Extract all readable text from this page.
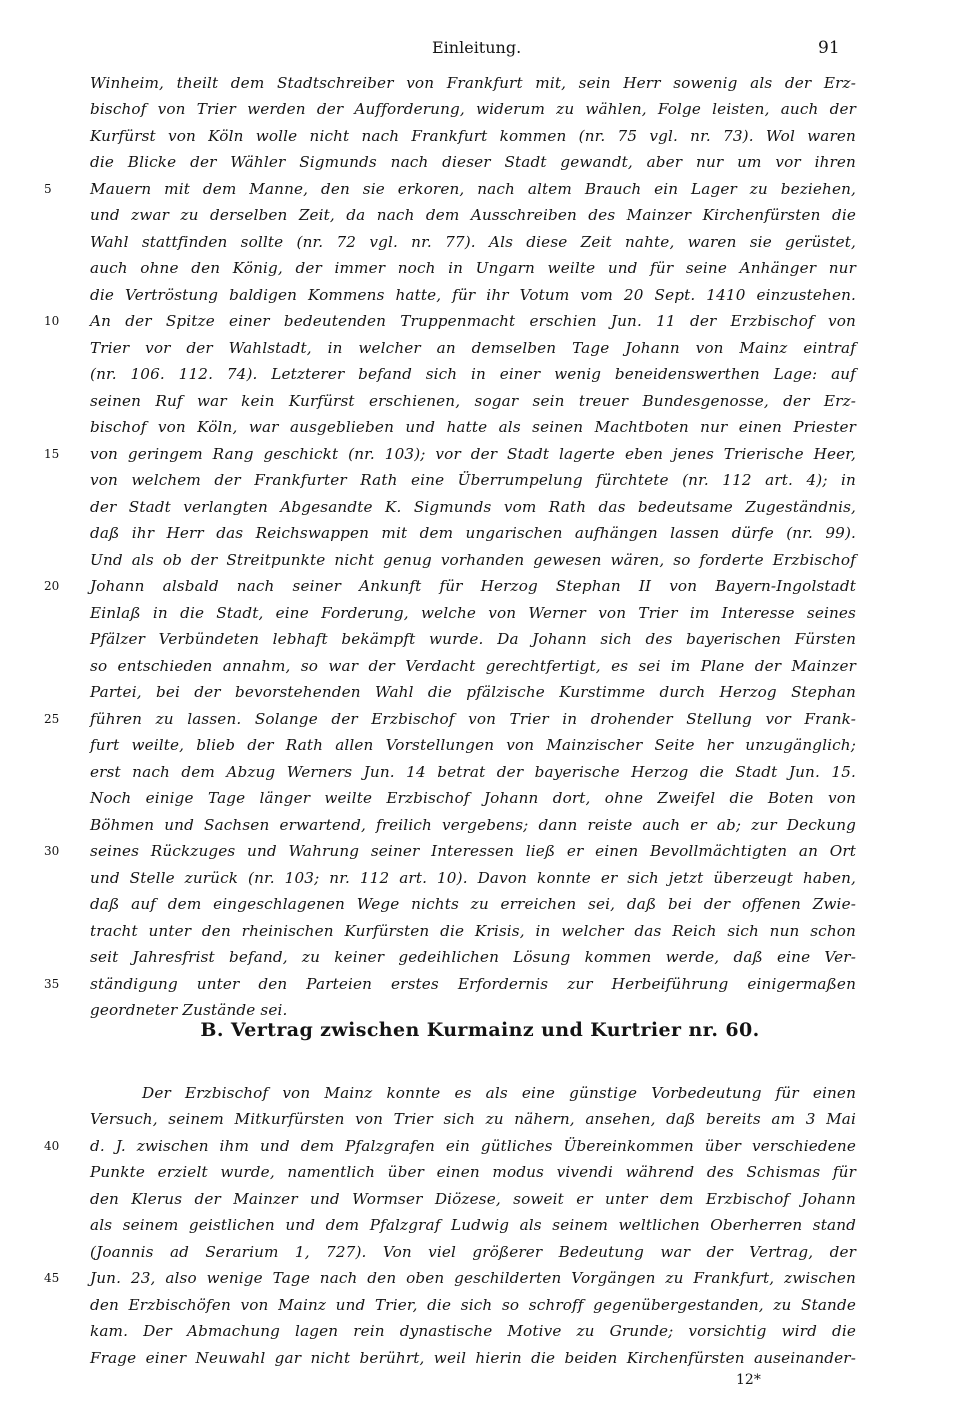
Einleitung.	91
Winheim, theilt dem Stadtschreiber von Frankfurt mit, sein Herr sowenig als der Erz-
bischof von Trier werden der Aufforderung, widerum zu wählen, Folge leisten, auch der
Kurfürst von Köln wolle nicht nach Frankfurt kommen (nr. 75 vgl. nr. 73). Wol waren
die Blicke der Wähler Sigmunds nach dieser Stadt gewandt, aber nur um vor ihren
Mauern mit dem Manne, den sie erkoren, nach altem Brauch ein Lager zu beziehen,
und zwar zu derselben Zeit, da nach dem Ausschreiben des Mainzer Kirchenfürsten die
Wahl stattfinden sollte (nr. 72 vgl. nr. 77). Als diese Zeit nahte, waren sie gerüstet,
auch ohne den König, der immer noch in Ungarn weilte und für seine Anhänger nur
die Vertröstung baldigen Kommens hatte, für ihr Votum vom 20 Sept. 1410 einzustehen.
An der Spitze einer bedeutenden Truppenmacht erschien Jun. 11 der Erzbischof von
Trier vor der Wahlstadt, in welcher an demselben Tage Johann von Mainz eintraf
(nr. 106. 112. 74). Letzterer befand sich in einer wenig beneidenswerthen Lage: auf
seinen Ruf war kein Kurfürst erschienen, sogar sein treuer Bundesgenosse, der Erz-
bischof von Köln, war ausgeblieben und hatte als seinen Machtboten nur einen Priester
von geringem Rang geschickt (nr. 103); vor der Stadt lagerte eben jenes Trierische Heer,
von welchem der Frankfurter Rath eine Überrumpelung fürchtete (nr. 112 art. 4); in
der Stadt verlangten Abgesandte K. Sigmunds vom Rath das bedeutsame Zugeständnis,
daß ihr Herr das Reichswappen mit dem ungarischen aufhängen lassen dürfe (nr. 99).
Und als ob der Streitpunkte nicht genug vorhanden gewesen wären, so forderte Erzbischof
Johann alsbald nach seiner Ankunft für Herzog Stephan II von Bayern-Ingolstadt
Einlaß in die Stadt, eine Forderung, welche von Werner von Trier im Interesse seines
Pfälzer Verbündeten lebhaft bekämpft wurde. Da Johann sich des bayerischen Fürsten
so entschieden annahm, so war der Verdacht gerechtfertigt, es sei im Plane der Mainzer
Partei, bei der bevorstehenden Wahl die pfälzische Kurstimme durch Herzog Stephan
führen zu lassen. Solange der Erzbischof von Trier in drohender Stellung vor Frank-
furt weilte, blieb der Rath allen Vorstellungen von Mainzischer Seite her unzugänglich;
erst nach dem Abzug Werners Jun. 14 betrat der bayerische Herzog die Stadt Jun. 15.
Noch einige Tage länger weilte Erzbischof Johann dort, ohne Zweifel die Boten von
Böhmen und Sachsen erwartend, freilich vergebens; dann reiste auch er ab; zur Deckung
seines Rückzuges und Wahrung seiner Interessen ließ er einen Bevollmächtigten an Ort
und Stelle zurück (nr. 103; nr. 112 art. 10). Davon konnte er sich jetzt überzeugt haben,
daß auf dem eingeschlagenen Wege nichts zu erreichen sei, daß bei der offenen Zwie-
tracht unter den rheinischen Kurfürsten die Krisis, in welcher das Reich sich nun schon
seit Jahresfrist befand, zu keiner gedeihlichen Lösung kommen werde, daß eine Ver-
ständigung unter den Parteien erstes Erfordernis zur Herbeiführung einigermaßen
geordneter Zustände sei.
B. Vertrag zwischen Kurmainz und Kurtrier nr. 60.
Der Erzbischof von Mainz konnte es als eine günstige Vorbedeutung für einen
Versuch, seinem Mitkurfürsten von Trier sich zu nähern, ansehen, daß bereits am 3 Mai
d. J. zwischen ihm und dem Pfalzgrafen ein gütliches Übereinkommen über verschiedene
Punkte erzielt wurde, namentlich über einen modus vivendi während des Schismas für
den Klerus der Mainzer und Wormser Diözese, soweit er unter dem Erzbischof Johann
als seinem geistlichen und dem Pfalzgraf Ludwig als seinem weltlichen Oberherren stand
(Joannis ad Serarium 1, 727). Von viel größerer Bedeutung war der Vertrag, der
Jun. 23, also wenige Tage nach den oben geschilderten Vorgängen zu Frankfurt, zwischen
den Erzbischöfen von Mainz und Trier, die sich so schroff gegenübergestanden, zu Stande
kam. Der Abmachung lagen rein dynastische Motive zu Grunde; vorsichtig wird die
Frage einer Neuwahl gar nicht berührt, weil hierin die beiden Kirchenfürsten auseinander-
5
10
15
20
25
30
35
40
45
12*
